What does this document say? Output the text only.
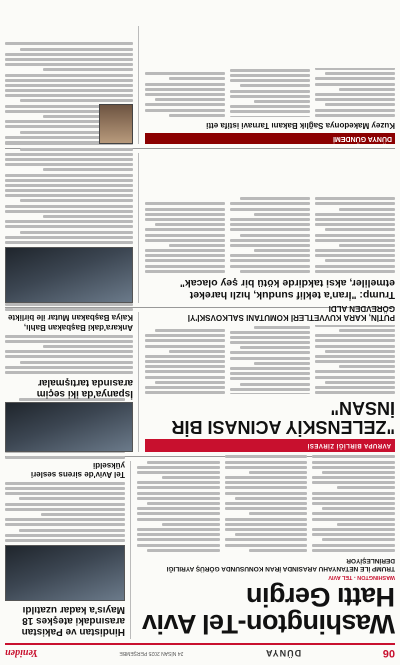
06
DÜNYA
24 NİSAN 2025 PERŞEMBE
Yeniden
Washington-Tel Aviv Hattı Gergin
WASHINGTON - TEL AVIV
TRUMP İLE NETANYAHU ARASINDA İRAN KONUSUNDA GÖRÜŞ AYRILIĞI DERİNLEŞİYOR
Hindistan ve Pakistan arasındaki ateşkes 18 Mayıs'a kadar uzatıldı
Tel Aviv'de sirens sesleri yükseldi
AVRUPA BİRLİĞİ ZİRVESİ
"ZELENSKİY ACINASI BİR İNSAN"
PUTİN, KARA KUVVETLERİ KOMUTANI SALKOVSKİ'Yİ GÖREVDEN ALDI
İspanya'da iki seçim arasında tartışmalar
Ankara'daki Başbakan Bahlı, Kaiya Başbakan Mutar ile birlikte
Trump: "İran'a teklif sunduk, hızlı hareket etmeliler, aksi takdirde kötü bir şey olacak"
DÜNYA GÜNDEMİ
Kuzey Makedonya Sağlık Bakanı Tarnavi istifa etti
